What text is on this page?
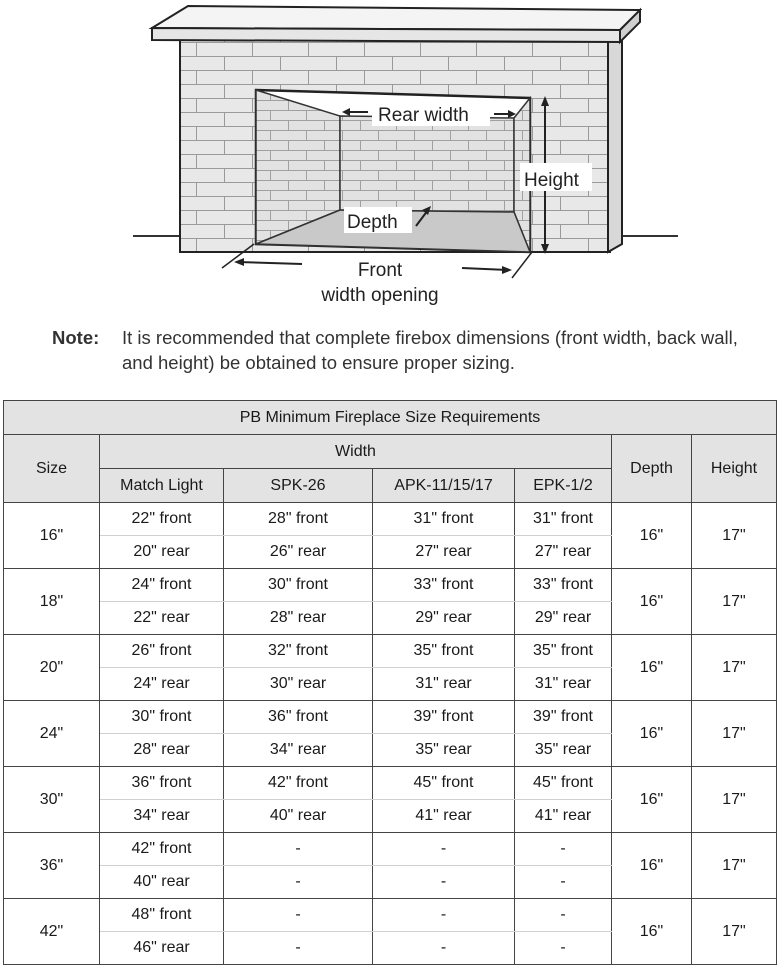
Rear width
Height
Depth
Front
width opening
Note: It is recommended that complete firebox dimensions (front width, back wall, and height) be obtained to ensure proper sizing.
PB Minimum Fireplace Size Requirements						
Size	Width				Depth	Height
	Match Light	SPK-26	APK-11/15/17	EPK-1/2		
16"	22" front	28" front	31" front	31" front	16"	17"
	20" rear	26" rear	27" rear	27" rear		
18"	24" front	30" front	33" front	33" front	16"	17"
	22" rear	28" rear	29" rear	29" rear		
20"	26" front	32" front	35" front	35" front	16"	17"
	24" rear	30" rear	31" rear	31" rear		
24"	30" front	36" front	39" front	39" front	16"	17"
	28" rear	34" rear	35" rear	35" rear		
30"	36" front	42" front	45" front	45" front	16"	17"
	34" rear	40" rear	41" rear	41" rear		
36"	42" front	-	-	-	16"	17"
	40" rear	-	-	-		
42"	48" front	-	-	-	16"	17"
	46" rear	-	-	-		
